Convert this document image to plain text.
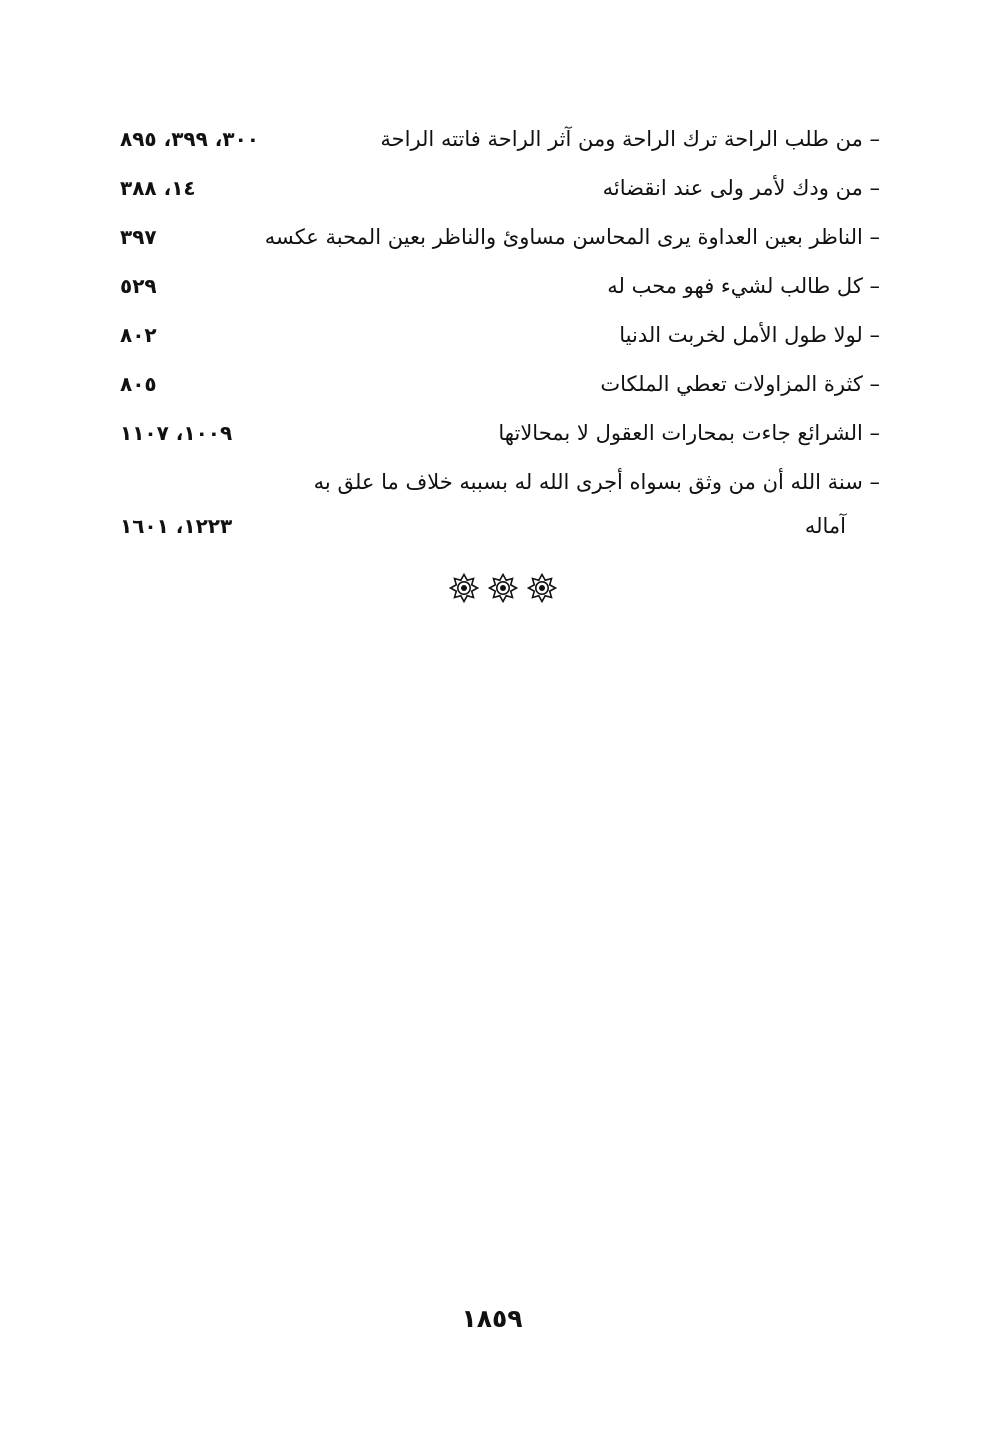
– من طلب الراحة ترك الراحة ومن آثر الراحة فاتته الراحة
٣٠٠، ٣٩٩، ٨٩٥
– من ودك لأمر ولى عند انقضائه
١٤، ٣٨٨
– الناظر بعين العداوة يرى المحاسن مساوئ والناظر بعين المحبة عكسه
٣٩٧
– كل طالب لشيء فهو محب له
٥٢٩
– لولا طول الأمل لخربت الدنيا
٨٠٢
– كثرة المزاولات تعطي الملكات
٨٠٥
– الشرائع جاءت بمحارات العقول لا بمحالاتها
١٠٠٩، ١١٠٧
– سنة الله أن من وثق بسواه أجرى الله له بسببه خلاف ما علق به
آماله
١٢٢٣، ١٦٠١
١٨٥٩
